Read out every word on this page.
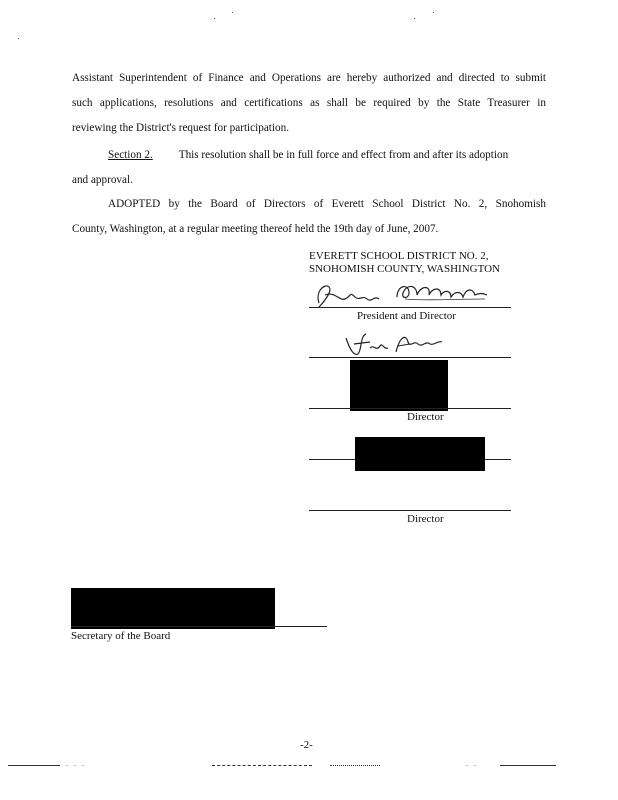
Assistant Superintendent of Finance and Operations are hereby authorized and directed to submit
such applications, resolutions and certifications as shall be required by the State Treasurer in
reviewing the District's request for participation.
Section 2. This resolution shall be in full force and effect from and after its adoption
and approval.
ADOPTED by the Board of Directors of Everett School District No. 2, Snohomish
County, Washington, at a regular meeting thereof held the 19th day of June, 2007.
EVERETT SCHOOL DISTRICT NO. 2,
SNOHOMISH COUNTY, WASHINGTON
President and Director
Director
Director
Secretary of the Board
-2-
. . .	. .
